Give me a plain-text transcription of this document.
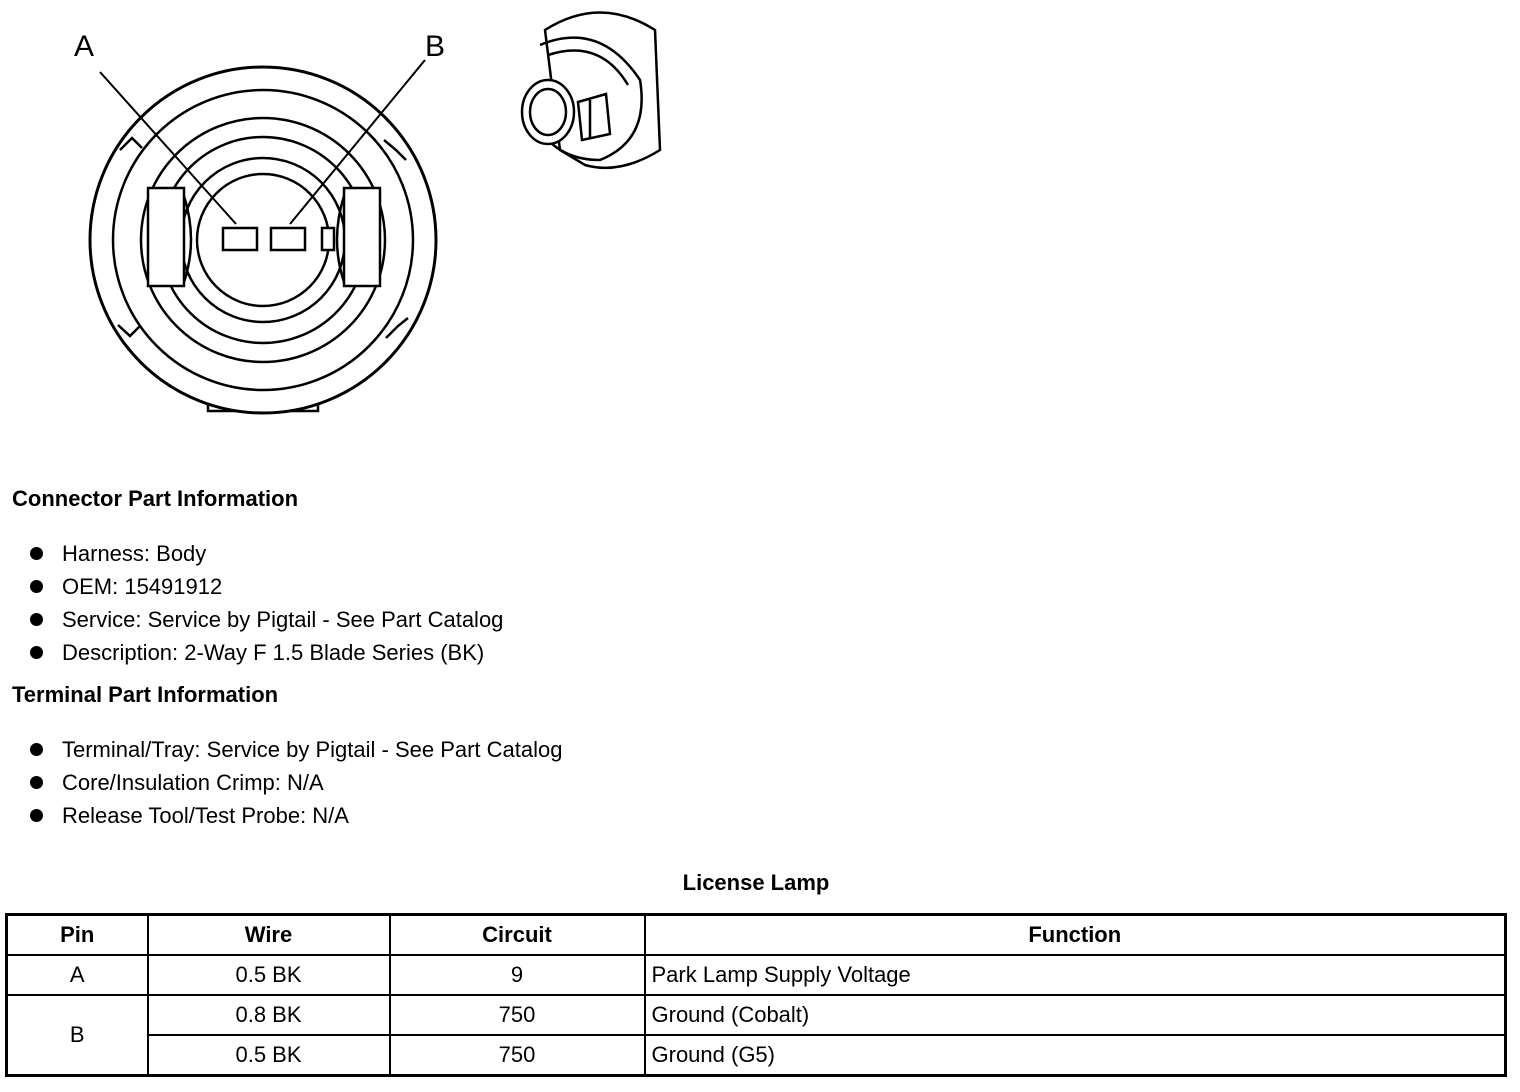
A	B
Connector Part Information
Harness: Body
OEM: 15491912
Service: Service by Pigtail - See Part Catalog
Description: 2-Way F 1.5 Blade Series (BK)
Terminal Part Information
Terminal/Tray: Service by Pigtail - See Part Catalog
Core/Insulation Crimp: N/A
Release Tool/Test Probe: N/A
License Lamp
Pin	Wire	Circuit	Function
A	0.5 BK	9	Park Lamp Supply Voltage
B	0.8 BK	750	Ground (Cobalt)
	0.5 BK	750	Ground (G5)
